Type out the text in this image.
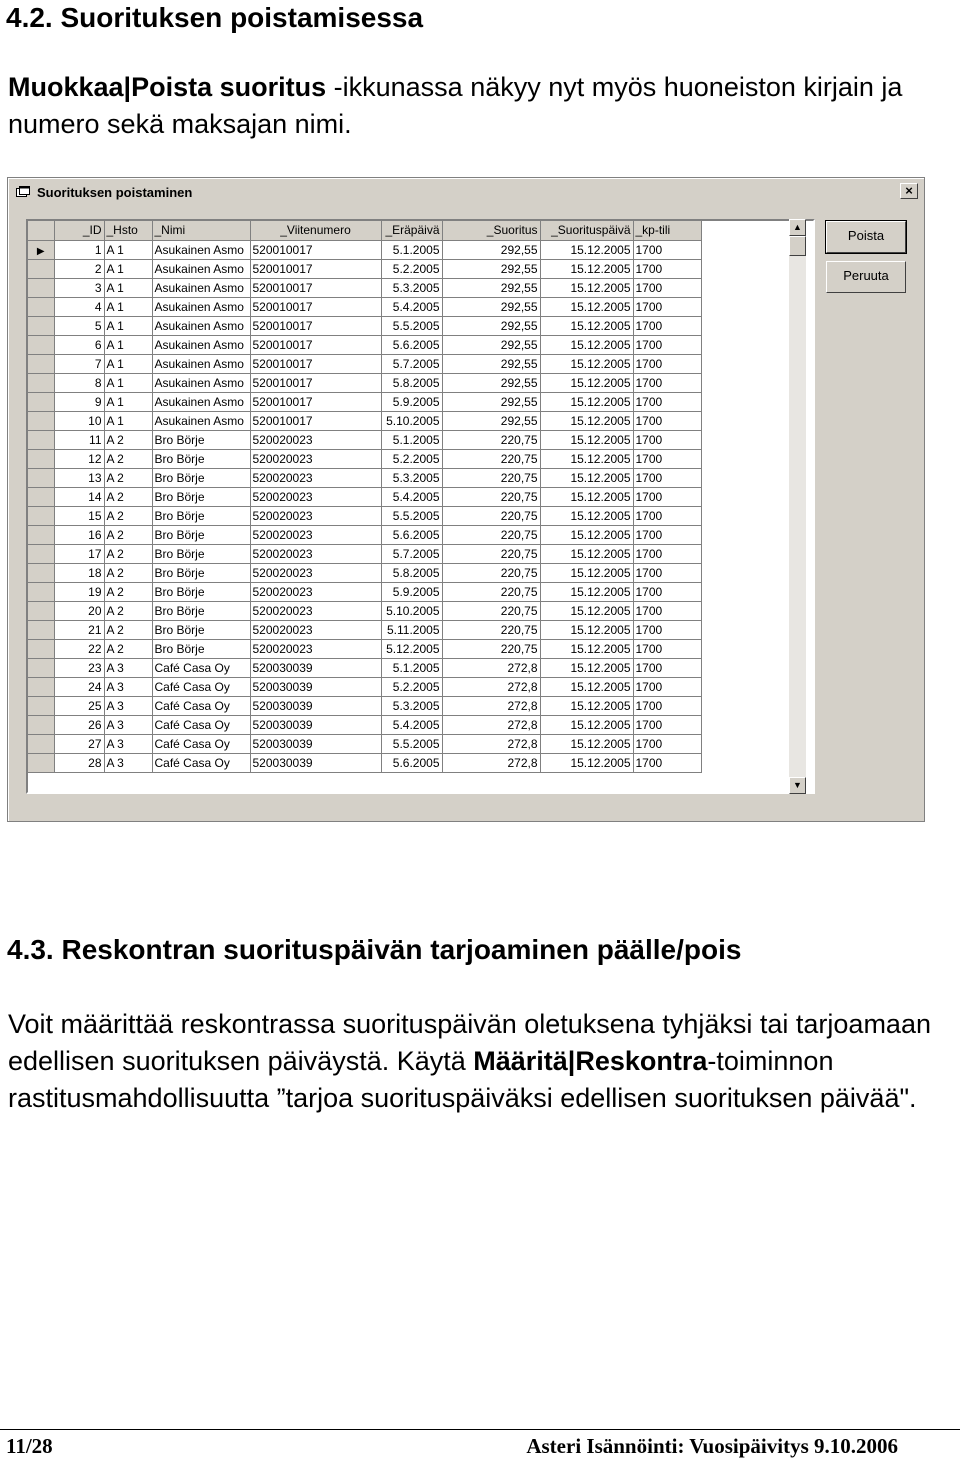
4.2. Suorituksen poistamisessa
Muokkaa|Poista suoritus -ikkunassa näkyy nyt myös huoneiston kirjain ja numero sekä maksajan nimi.
Suorituksen poistaminen	×
	_ID	_Hsto	_Nimi	_Viitenumero	_Eräpäivä	_Suoritus	_Suorituspäivä	_kp-tili
▶	1	A 1	Asukainen Asmo	520010017	5.1.2005	292,55	15.12.2005	1700
	2	A 1	Asukainen Asmo	520010017	5.2.2005	292,55	15.12.2005	1700
	3	A 1	Asukainen Asmo	520010017	5.3.2005	292,55	15.12.2005	1700
	4	A 1	Asukainen Asmo	520010017	5.4.2005	292,55	15.12.2005	1700
	5	A 1	Asukainen Asmo	520010017	5.5.2005	292,55	15.12.2005	1700
	6	A 1	Asukainen Asmo	520010017	5.6.2005	292,55	15.12.2005	1700
	7	A 1	Asukainen Asmo	520010017	5.7.2005	292,55	15.12.2005	1700
	8	A 1	Asukainen Asmo	520010017	5.8.2005	292,55	15.12.2005	1700
	9	A 1	Asukainen Asmo	520010017	5.9.2005	292,55	15.12.2005	1700
	10	A 1	Asukainen Asmo	520010017	5.10.2005	292,55	15.12.2005	1700
	11	A 2	Bro Börje	520020023	5.1.2005	220,75	15.12.2005	1700
	12	A 2	Bro Börje	520020023	5.2.2005	220,75	15.12.2005	1700
	13	A 2	Bro Börje	520020023	5.3.2005	220,75	15.12.2005	1700
	14	A 2	Bro Börje	520020023	5.4.2005	220,75	15.12.2005	1700
	15	A 2	Bro Börje	520020023	5.5.2005	220,75	15.12.2005	1700
	16	A 2	Bro Börje	520020023	5.6.2005	220,75	15.12.2005	1700
	17	A 2	Bro Börje	520020023	5.7.2005	220,75	15.12.2005	1700
	18	A 2	Bro Börje	520020023	5.8.2005	220,75	15.12.2005	1700
	19	A 2	Bro Börje	520020023	5.9.2005	220,75	15.12.2005	1700
	20	A 2	Bro Börje	520020023	5.10.2005	220,75	15.12.2005	1700
	21	A 2	Bro Börje	520020023	5.11.2005	220,75	15.12.2005	1700
	22	A 2	Bro Börje	520020023	5.12.2005	220,75	15.12.2005	1700
	23	A 3	Café Casa Oy	520030039	5.1.2005	272,8	15.12.2005	1700
	24	A 3	Café Casa Oy	520030039	5.2.2005	272,8	15.12.2005	1700
	25	A 3	Café Casa Oy	520030039	5.3.2005	272,8	15.12.2005	1700
	26	A 3	Café Casa Oy	520030039	5.4.2005	272,8	15.12.2005	1700
	27	A 3	Café Casa Oy	520030039	5.5.2005	272,8	15.12.2005	1700
	28	A 3	Café Casa Oy	520030039	5.6.2005	272,8	15.12.2005	1700
▲
▼
Poista
Peruuta
4.3. Reskontran suorituspäivän tarjoaminen päälle/pois
Voit määrittää reskontrassa suorituspäivän oletuksena tyhjäksi tai tarjoamaan edellisen suorituksen päiväystä. Käytä Määritä|Reskontra-toiminnon rastitusmahdollisuutta ”tarjoa suorituspäiväksi edellisen suorituksen päivää".
11/28	Asteri Isännöinti: Vuosipäivitys 9.10.2006
